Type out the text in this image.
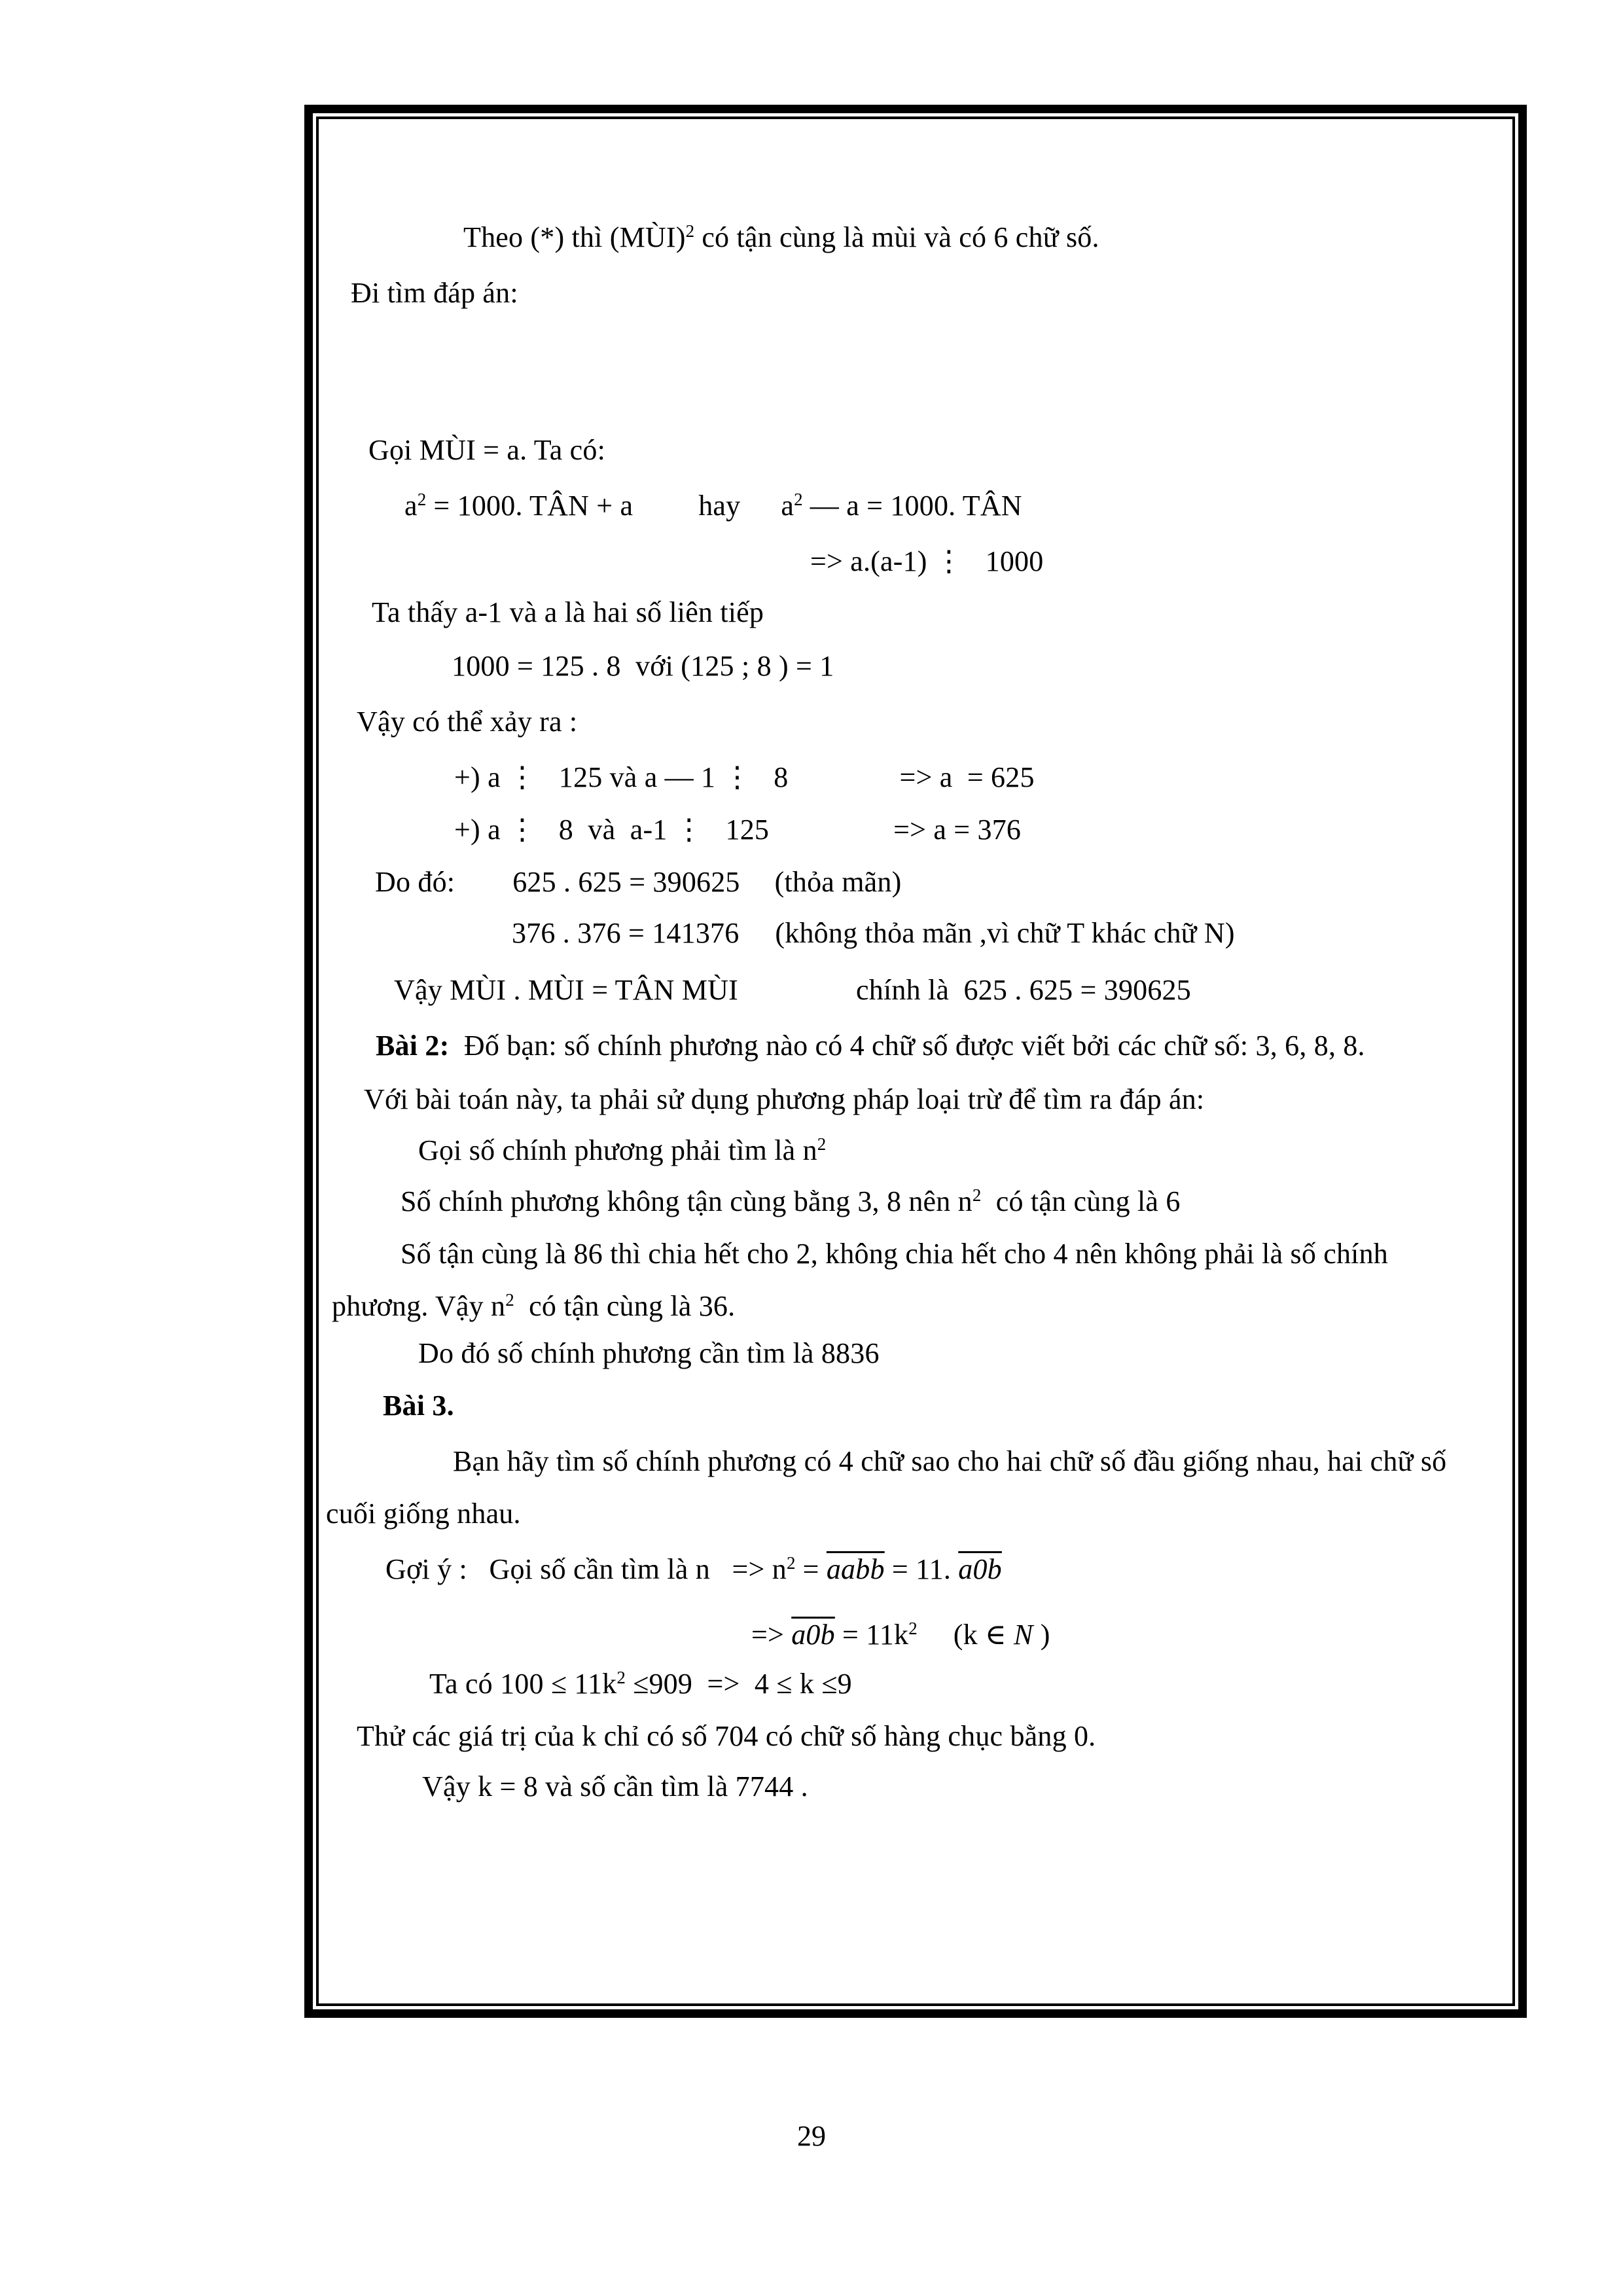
Theo (*) thì (MÙI)$^2$ có tận cùng là mùi và có 6 chữ số.
Đi tìm đáp án:
Gọi MÙI = a. Ta có:
$a^2 = 1000$. TÂN + a hay $a^2$ — a = 1000. TÂN
=> a.(a-1) ⋮   1000
Ta thấy a-1 và a là hai số liên tiếp
1000 = 125 . 8  với (125 ; 8 ) = 1
Vậy có thể xảy ra :
+) a ⋮   125 và a — 1 ⋮   8	=> a  = 625
+) a ⋮   8  và  a-1 ⋮   125	=> a = 376
Do đó: 625 . 625 = 390625 (thỏa mãn)
376 . 376 = 141376 (không thỏa mãn ,vì chữ T khác chữ N)
Vậy MÙI . MÙI = TÂN MÙI	chính là  625 . 625 = 390625
Bài 2:  Đố bạn: số chính phương nào có 4 chữ số được viết bởi các chữ số: 3, 6, 8, 8.
Với bài toán này, ta phải sử dụng phương pháp loại trừ để tìm ra đáp án:
Gọi số chính phương phải tìm là $n^2$
Số chính phương không tận cùng bằng 3, 8 nên $n^2$  có tận cùng là 6
Số tận cùng là 86 thì chia hết cho 2, không chia hết cho 4 nên không phải là số chính
phương. Vậy $n^2$  có tận cùng là 36.
Do đó số chính phương cần tìm là 8836
Bài 3.
Bạn hãy tìm số chính phương có 4 chữ sao cho hai chữ số đầu giống nhau, hai chữ số
cuối giống nhau.
Gợi ý :   Gọi số cần tìm là $n => n^2$ = aabb = 11. a0b
=> $a0b = 11k^2$ (k ∈ N )
Ta có $100 \le 11k^2 \le 909 => 4 \le k \le 9$
Thử các giá trị của k chỉ có số 704 có chữ số hàng chục bằng 0.
Vậy k = 8 và số cần tìm là 7744 .
29
